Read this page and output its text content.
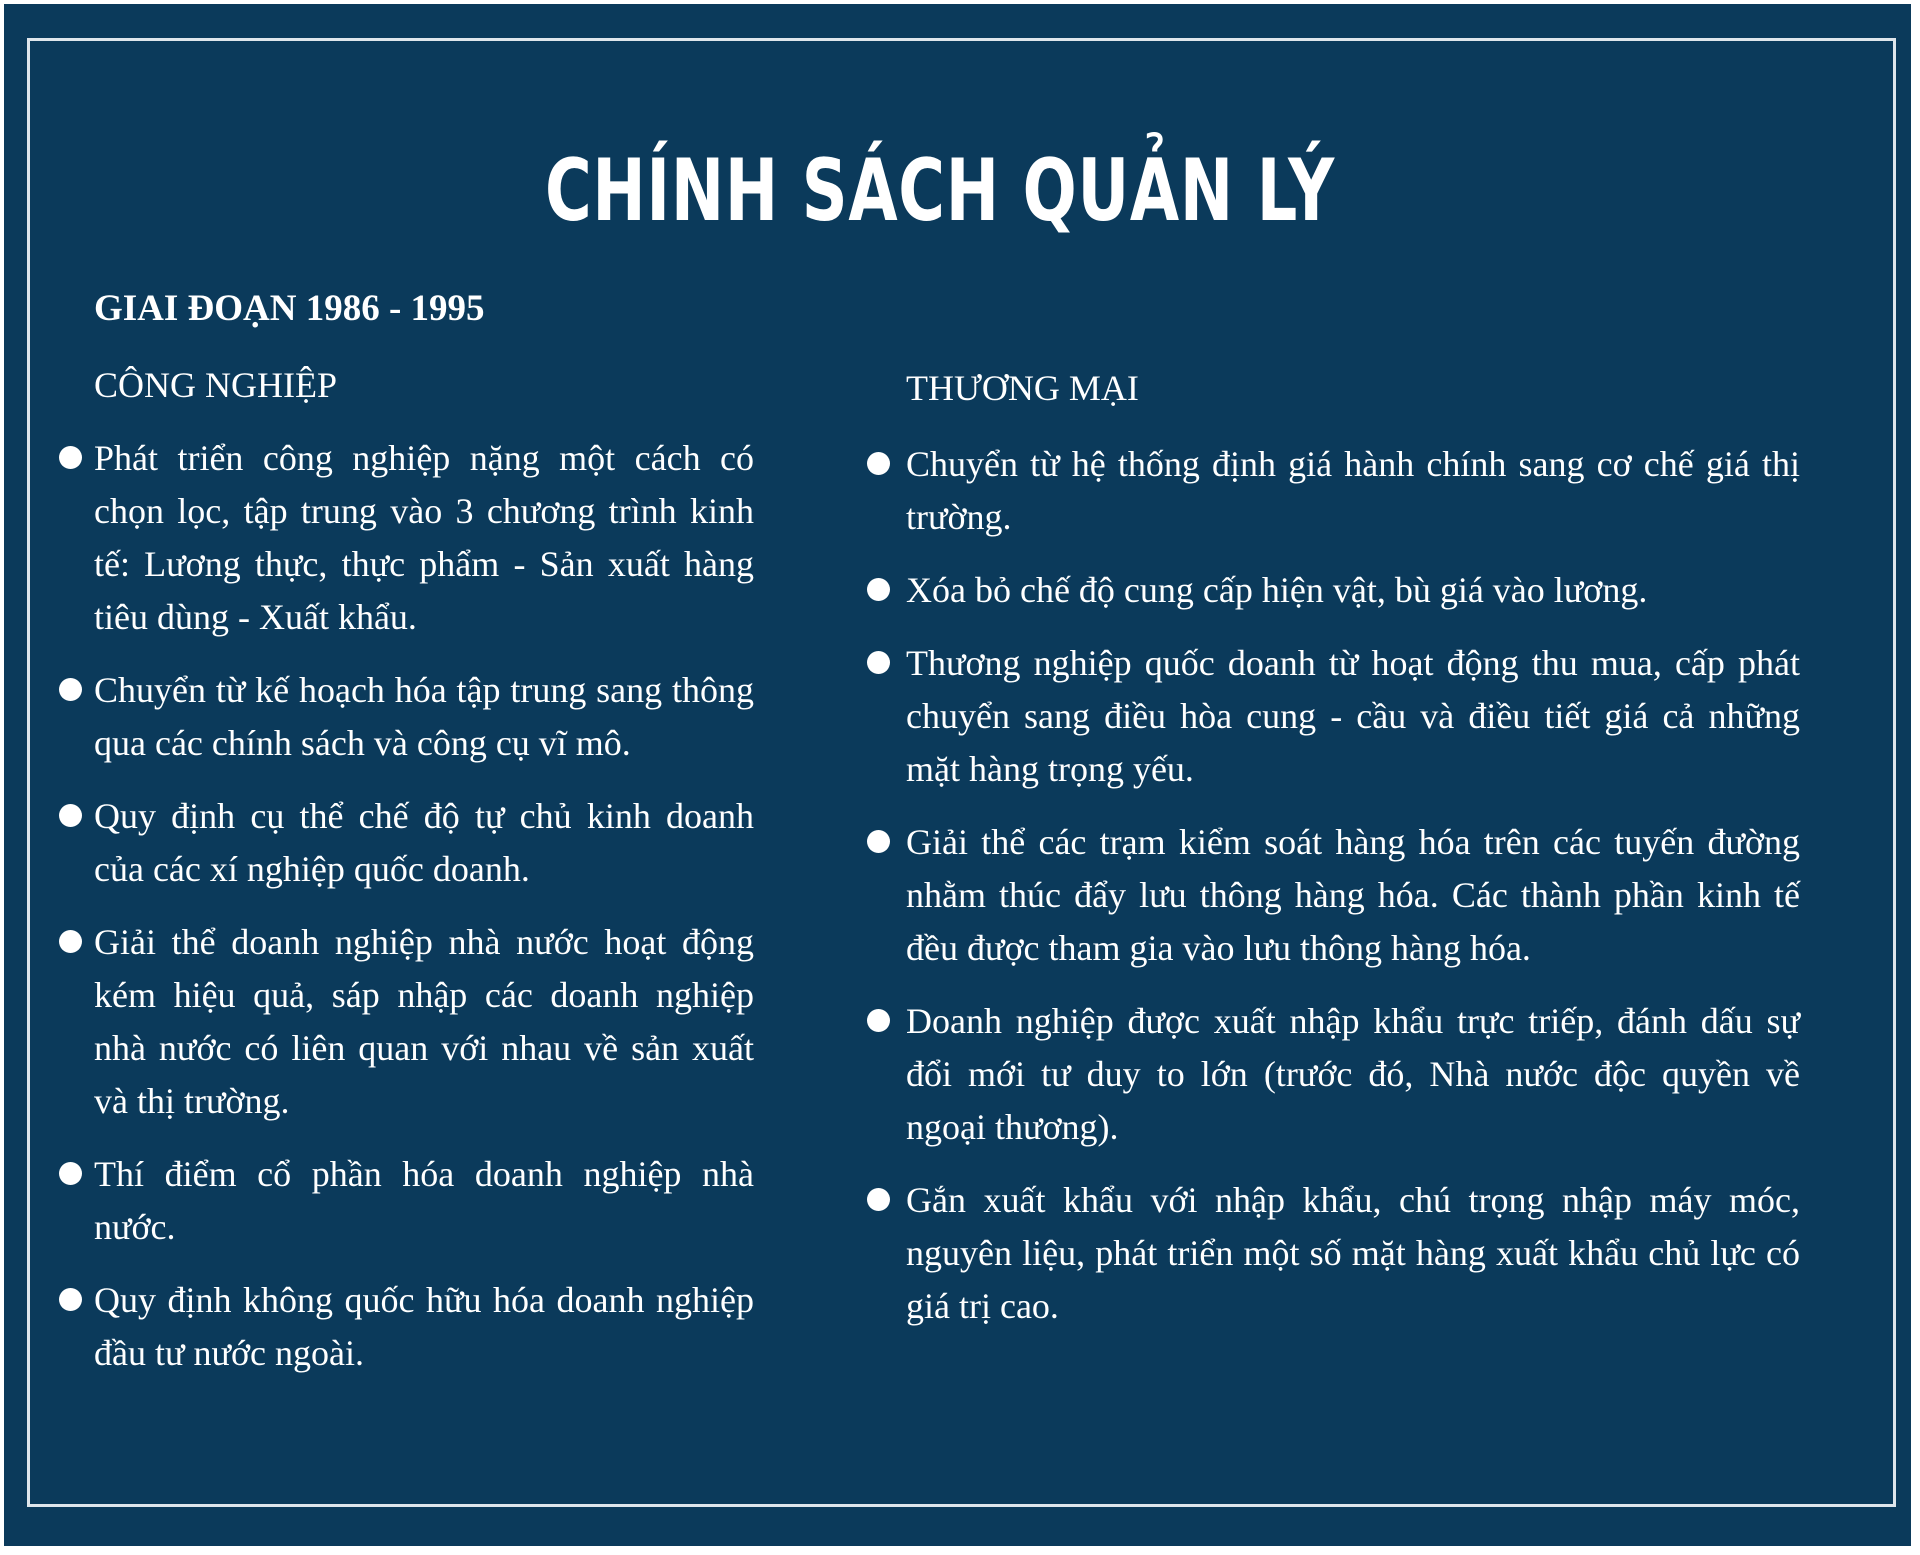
CHÍNH SÁCH QUẢN LÝ
GIAI ĐOẠN 1986 - 1995
CÔNG NGHIỆP
Phát triển công nghiệp nặng một cách có chọn lọc, tập trung vào 3 chương trình kinh tế: Lương thực, thực phẩm - Sản xuất hàng tiêu dùng - Xuất khẩu.
Chuyển từ kế hoạch hóa tập trung sang thông qua các chính sách và công cụ vĩ mô.
Quy định cụ thể chế độ tự chủ kinh doanh của các xí nghiệp quốc doanh.
Giải thể doanh nghiệp nhà nước hoạt động kém hiệu quả, sáp nhập các doanh nghiệp nhà nước có liên quan với nhau về sản xuất và thị trường.
Thí điểm cổ phần hóa doanh nghiệp nhà nước.
Quy định không quốc hữu hóa doanh nghiệp đầu tư nước ngoài.
THƯƠNG MẠI
Chuyển từ hệ thống định giá hành chính sang cơ chế giá thị trường.
Xóa bỏ chế độ cung cấp hiện vật, bù giá vào lương.
Thương nghiệp quốc doanh từ hoạt động thu mua, cấp phát chuyển sang điều hòa cung - cầu và điều tiết giá cả những mặt hàng trọng yếu.
Giải thể các trạm kiểm soát hàng hóa trên các tuyến đường nhằm thúc đẩy lưu thông hàng hóa. Các thành phần kinh tế đều được tham gia vào lưu thông hàng hóa.
Doanh nghiệp được xuất nhập khẩu trực triếp, đánh dấu sự đổi mới tư duy to lớn (trước đó, Nhà nước độc quyền về ngoại thương).
Gắn xuất khẩu với nhập khẩu, chú trọng nhập máy móc, nguyên liệu, phát triển một số mặt hàng xuất khẩu chủ lực có giá trị cao.
